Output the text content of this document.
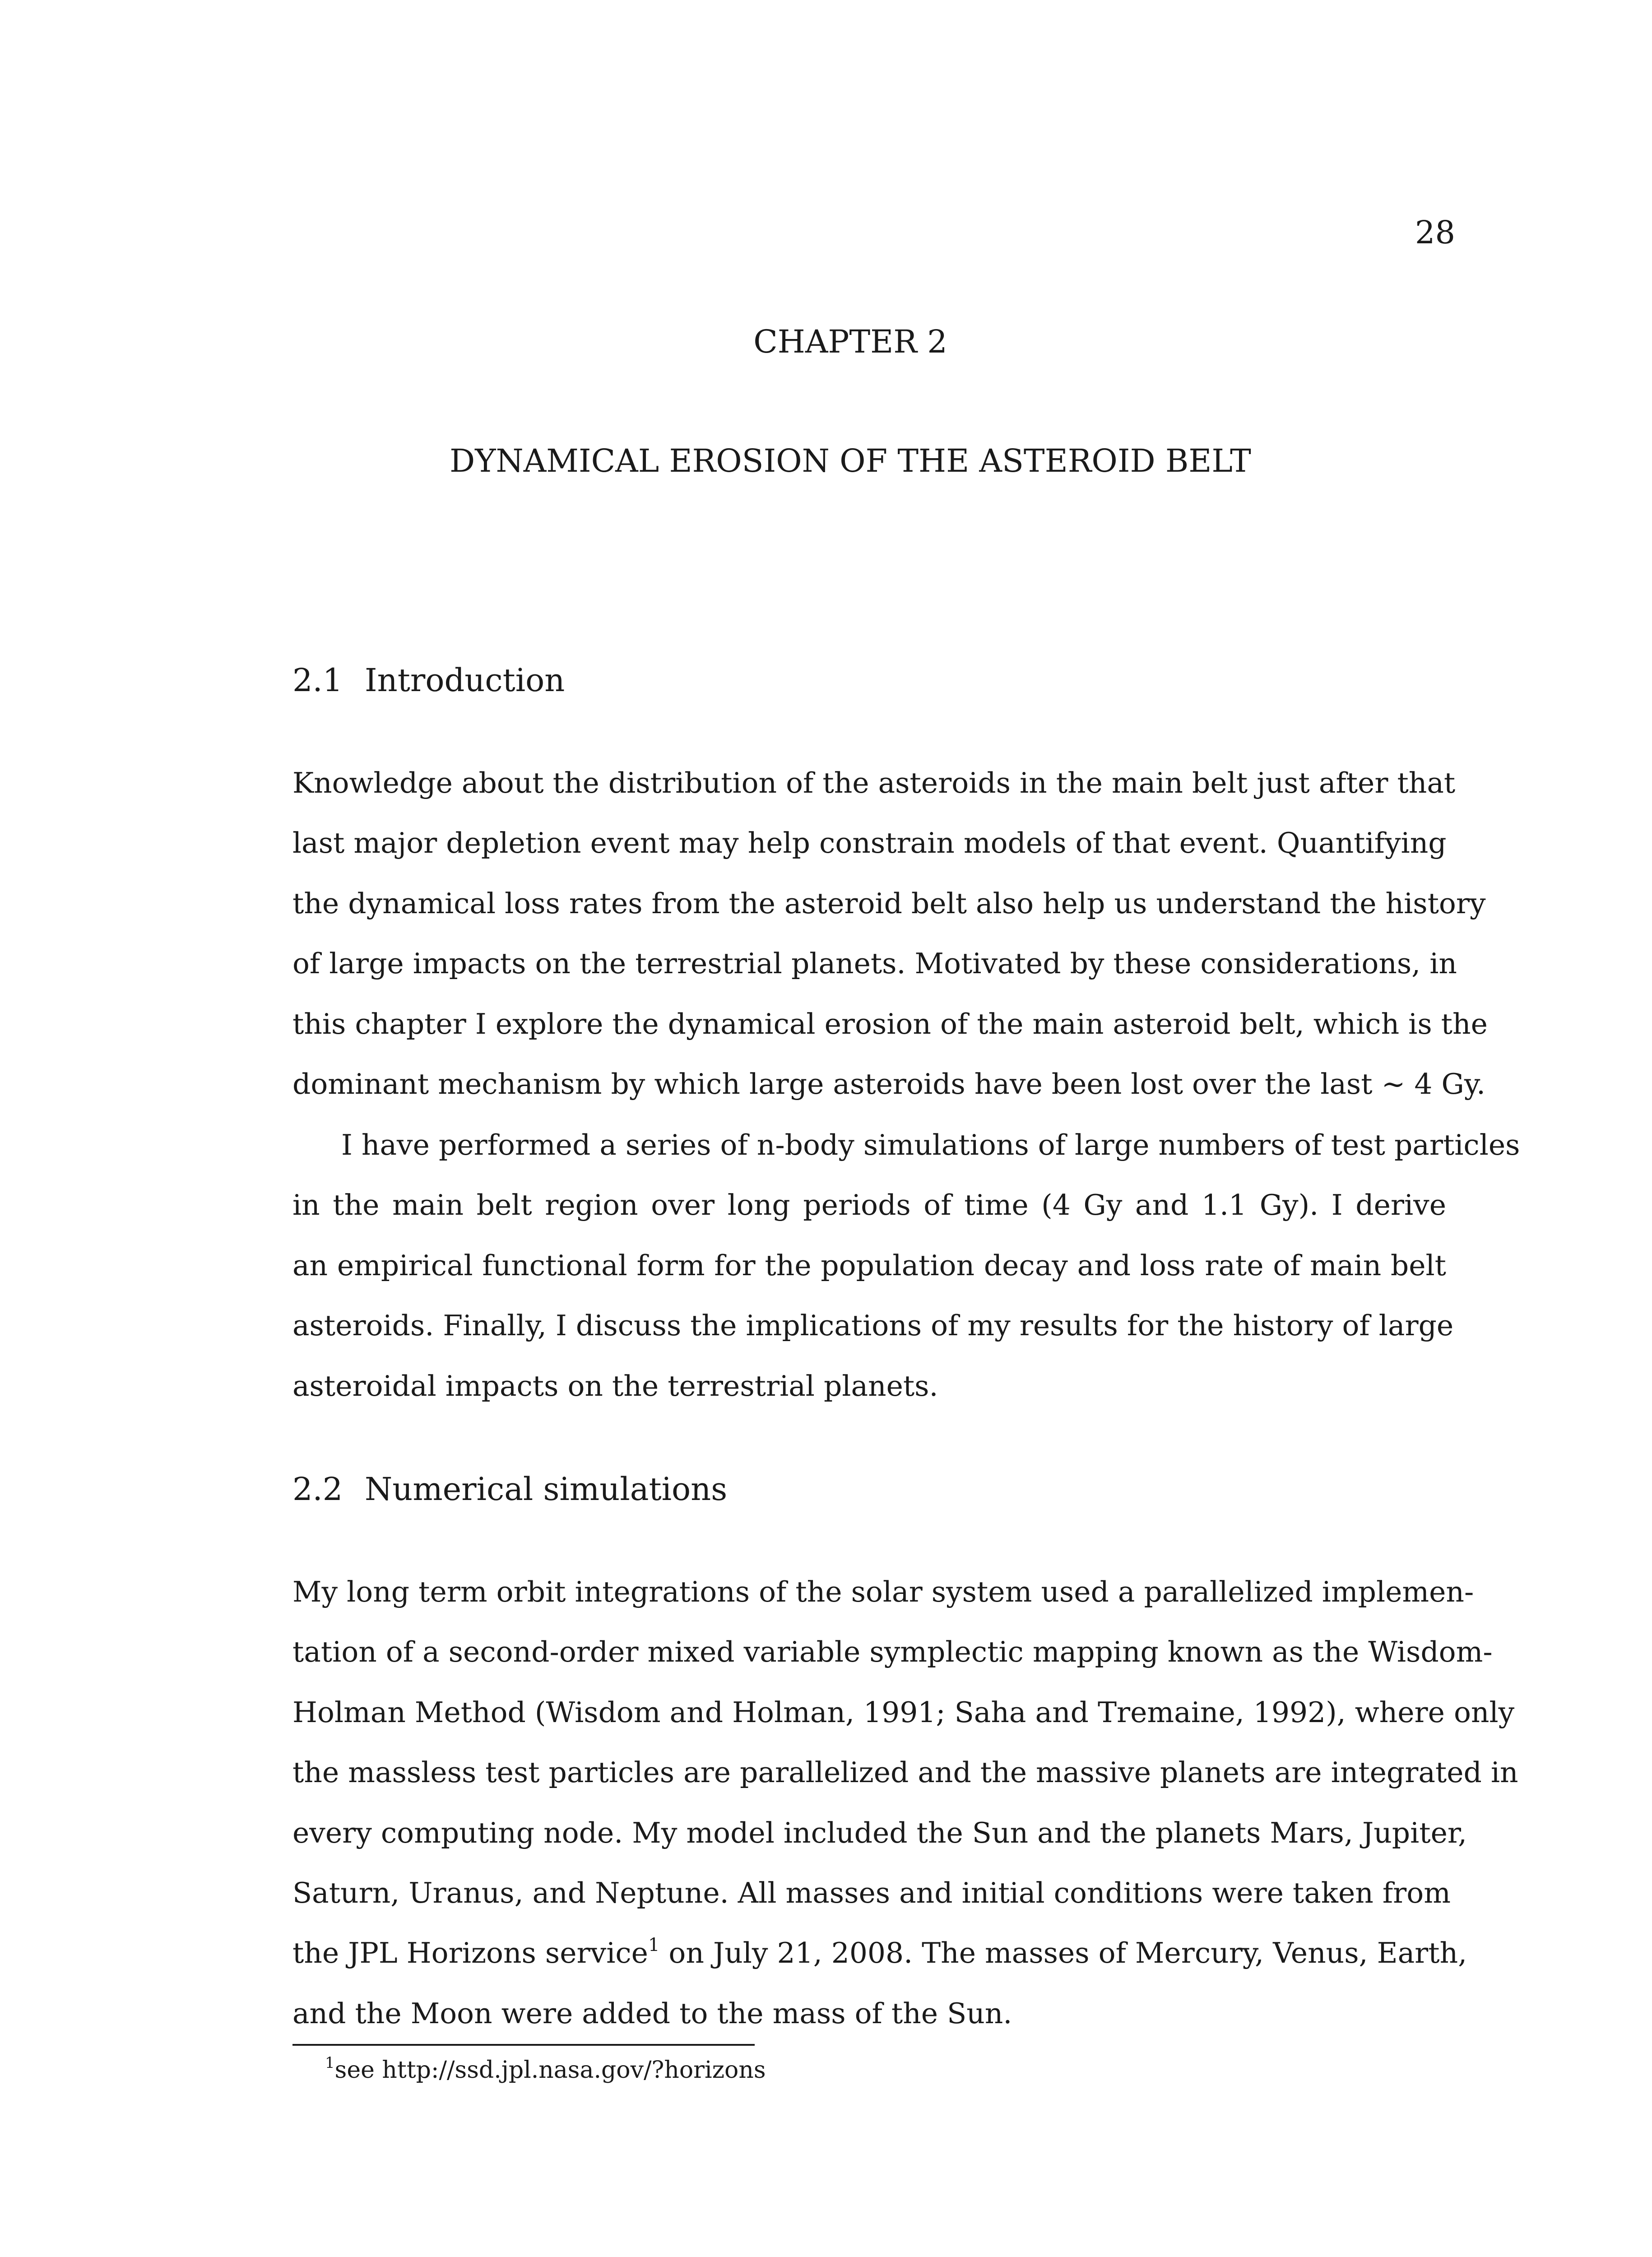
28
CHAPTER 2
DYNAMICAL EROSION OF THE ASTEROID BELT
2.1 Introduction

Knowledge about the distribution of the asteroids in the main belt just after that
last major depletion event may help constrain models of that event. Quantifying
the dynamical loss rates from the asteroid belt also help us understand the history
of large impacts on the terrestrial planets. Motivated by these considerations, in
this chapter I explore the dynamical erosion of the main asteroid belt, which is the
dominant mechanism by which large asteroids have been lost over the last ∼ 4 Gy.

I have performed a series of n-body simulations of large numbers of test particles
in the main belt region over long periods of time (4 Gy and 1.1 Gy). I derive
an empirical functional form for the population decay and loss rate of main belt
asteroids. Finally, I discuss the implications of my results for the history of large
asteroidal impacts on the terrestrial planets.

2.2 Numerical simulations

My long term orbit integrations of the solar system used a parallelized implemen-
tation of a second-order mixed variable symplectic mapping known as the Wisdom-
Holman Method (Wisdom and Holman, 1991; Saha and Tremaine, 1992), where only
the massless test particles are parallelized and the massive planets are integrated in
every computing node. My model included the Sun and the planets Mars, Jupiter,
Saturn, Uranus, and Neptune. All masses and initial conditions were taken from
the JPL Horizons service$^1$ on July 21, 2008. The masses of Mercury, Venus, Earth,
and the Moon were added to the mass of the Sun.

$^1$see http://ssd.jpl.nasa.gov/?horizons
